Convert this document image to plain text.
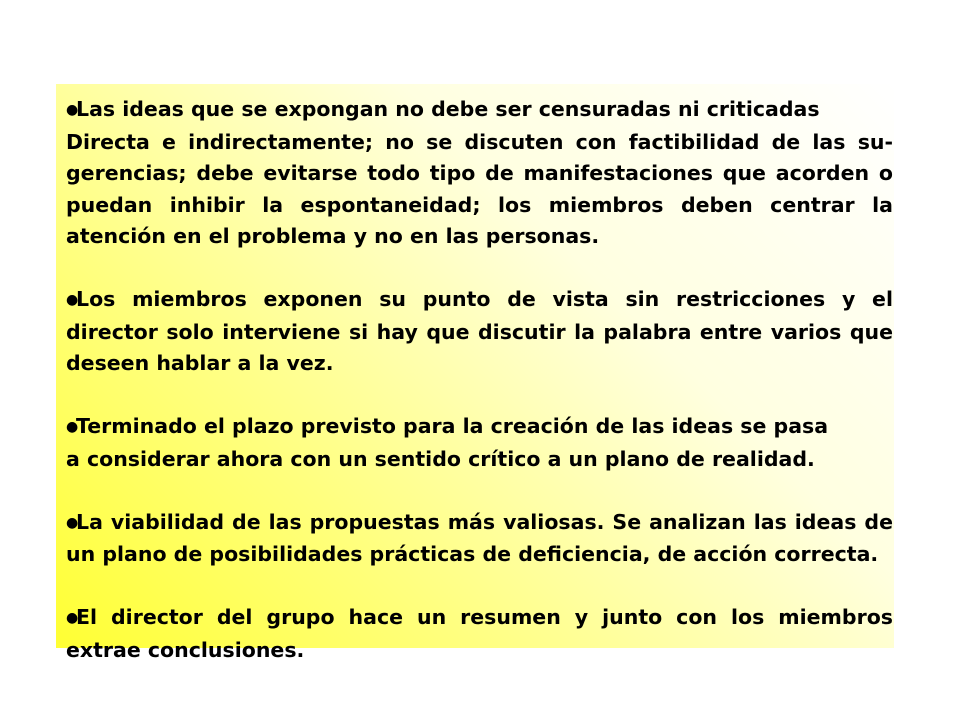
●Las ideas que se expongan no debe ser censuradas ni criticadas
Directa e indirectamente; no se discuten con factibilidad de las su-gerencias; debe evitarse todo tipo de manifestaciones que acorden o puedan inhibir la espontaneidad; los miembros deben centrar la atención en el problema y no en las personas.
●Los miembros exponen su punto de vista sin restricciones y el director solo interviene si hay que discutir la palabra entre varios que deseen hablar a la vez.
●Terminado el plazo previsto para la creación de las ideas se pasa
a considerar ahora con un sentido crítico a un plano de realidad.
●La viabilidad de las propuestas más valiosas. Se analizan las ideas de un plano de posibilidades prácticas de deficiencia, de acción correcta.
●El director del grupo hace un resumen y junto con los miembros extrae conclusiones.
